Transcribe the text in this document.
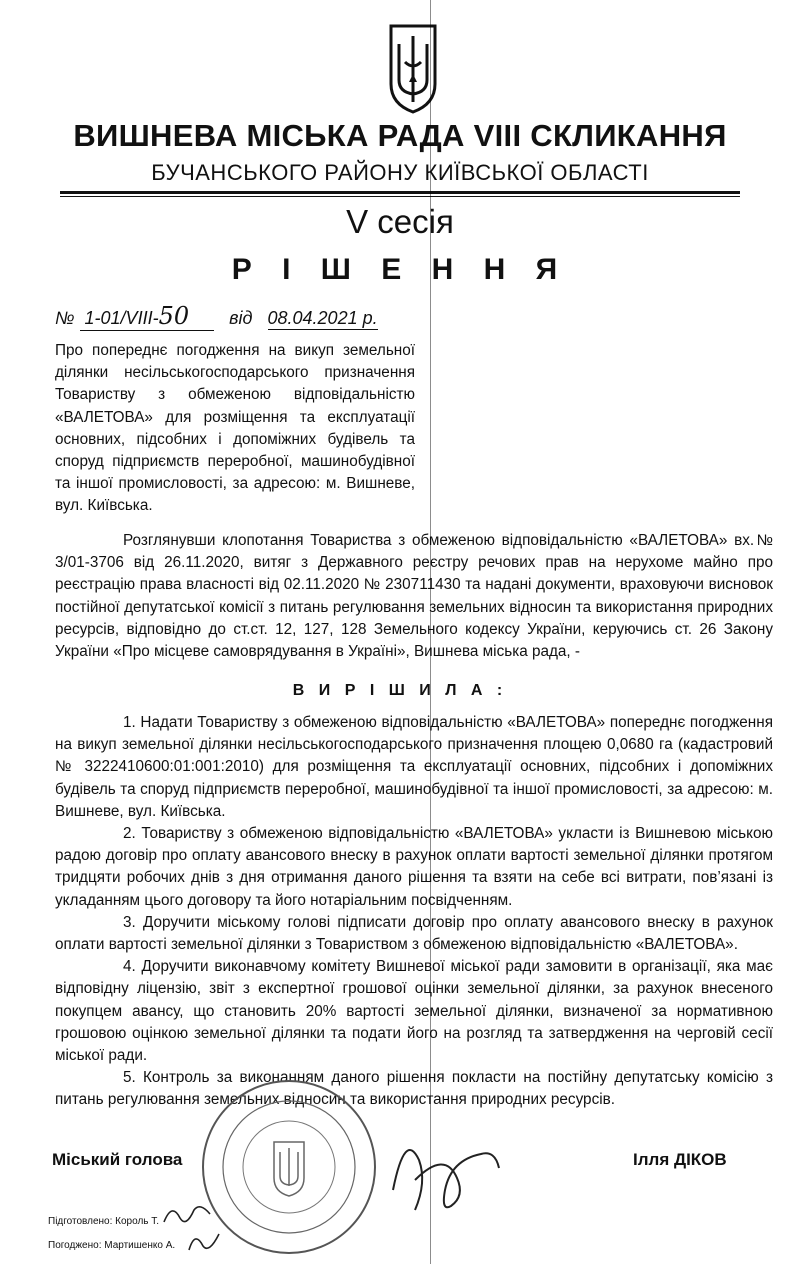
ВИШНЕВА МІСЬКА РАДА VIII СКЛИКАННЯ
БУЧАНСЬКОГО РАЙОНУ КИЇВСЬКОЇ ОБЛАСТІ
V сесія
Р І Ш Е Н Н Я
№ 1-01/VIII-50 від 08.04.2021 р.
Про попереднє погодження на викуп земельної ділянки несільськогосподарського призначення Товариству з обмеженою відповідальністю «ВАЛЕТОВА» для розміщення та експлуатації основних, підсобних і допоміжних будівель та споруд підприємств переробної, машинобудівної та іншої промисловості, за адресою: м. Вишневе, вул. Київська.
Розглянувши клопотання Товариства з обмеженою відповідальністю «ВАЛЕТОВА» вх.№ 3/01-3706 від 26.11.2020, витяг з Державного реєстру речових прав на нерухоме майно про реєстрацію права власності від 02.11.2020 № 230711430 та надані документи, враховуючи висновок постійної депутатської комісії з питань регулювання земельних відносин та використання природних ресурсів, відповідно до ст.ст. 12, 127, 128 Земельного кодексу України, керуючись ст. 26 Закону України «Про місцеве самоврядування в Україні», Вишнева міська рада, -
В И Р І Ш И Л А :
1. Надати Товариству з обмеженою відповідальністю «ВАЛЕТОВА» попереднє погодження на викуп земельної ділянки несільськогосподарського призначення площею 0,0680 га (кадастровий № 3222410600:01:001:2010) для розміщення та експлуатації основних, підсобних і допоміжних будівель та споруд підприємств переробної, машинобудівної та іншої промисловості, за адресою: м. Вишневе, вул. Київська.
2. Товариству з обмеженою відповідальністю «ВАЛЕТОВА» укласти із Вишневою міською радою договір про оплату авансового внеску в рахунок оплати вартості земельної ділянки протягом тридцяти робочих днів з дня отримання даного рішення та взяти на себе всі витрати, пов’язані із укладанням цього договору та його нотаріальним посвідченням.
3. Доручити міському голові підписати договір про оплату авансового внеску в рахунок оплати вартості земельної ділянки з Товариством з обмеженою відповідальністю «ВАЛЕТОВА».
4. Доручити виконавчому комітету Вишневої міської ради замовити в організації, яка має відповідну ліцензію, звіт з експертної грошової оцінки земельної ділянки, за рахунок внесеного покупцем авансу, що становить 20% вартості земельної ділянки, визначеної за нормативною грошовою оцінкою земельної ділянки та подати його на розгляд та затвердження на черговій сесії міської ради.
5. Контроль за виконанням даного рішення покласти на постійну депутатську комісію з питань регулювання земельних відносин та використання природних ресурсів.
Міський голова	Ілля ДІКОВ
Підготовлено: Король Т.
Погоджено: Мартишенко А.
